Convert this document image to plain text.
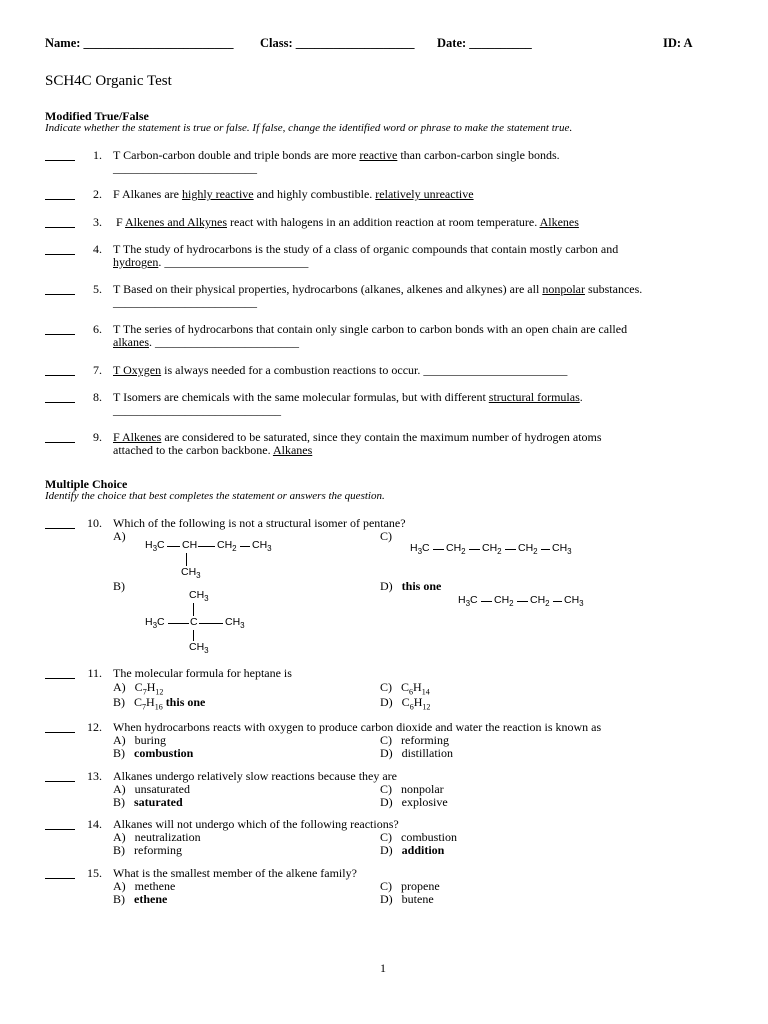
Name: ________________________ Class: ___________________ Date: __________	ID: A
SCH4C Organic Test
Modified True/False
Indicate whether the statement is true or false. If false, change the identified word or phrase to make the statement true.
1. T Carbon-carbon double and triple bonds are more reactive than carbon-carbon single bonds.
________________________
2. F Alkanes are highly reactive and highly combustible. relatively unreactive
3. F Alkenes and Alkynes react with halogens in an addition reaction at room temperature. Alkenes
4. T The study of hydrocarbons is the study of a class of organic compounds that contain mostly carbon and
hydrogen. ________________________
5. T Based on their physical properties, hydrocarbons (alkanes, alkenes and alkynes) are all nonpolar substances.
________________________
6. T The series of hydrocarbons that contain only single carbon to carbon bonds with an open chain are called
alkanes. ________________________
7. T Oxygen is always needed for a combustion reactions to occur. ________________________
8. T Isomers are chemicals with the same molecular formulas, but with different structural formulas.
____________________________
9. F Alkenes are considered to be saturated, since they contain the maximum number of hydrogen atoms
attached to the carbon backbone. Alkanes
Multiple Choice
Identify the choice that best completes the statement or answers the question.
10. Which of the following is not a structural isomer of pentane?
A)	C)
$H_3C$ CH $CH_2$ $CH_3$
$CH_3$
$H_3C$ $CH_2$ $CH_2$ $CH_2$ $CH_3$
B)	D) this one
$CH_3$
$H_3C$ C	$CH_3$
$CH_3$
$H_3C$ $CH_2$ $CH_2$ $CH_3$
11. The molecular formula for heptane is
A)   $C_7H_{12}$	C)   $C_6H_{14}$
B)   $C_7H_{16}$ this one	D)   $C_6H_{12}$
12. When hydrocarbons reacts with oxygen to produce carbon dioxide and water the reaction is known as
A) buring	C) reforming
B) combustion	D) distillation
13. Alkanes undergo relatively slow reactions because they are
A) unsaturated	C) nonpolar
B) saturated	D) explosive
14. Alkanes will not undergo which of the following reactions?
A) neutralization	C) combustion
B) reforming	D) addition
15. What is the smallest member of the alkene family?
A) methene	C) propene
B) ethene	D) butene
1
